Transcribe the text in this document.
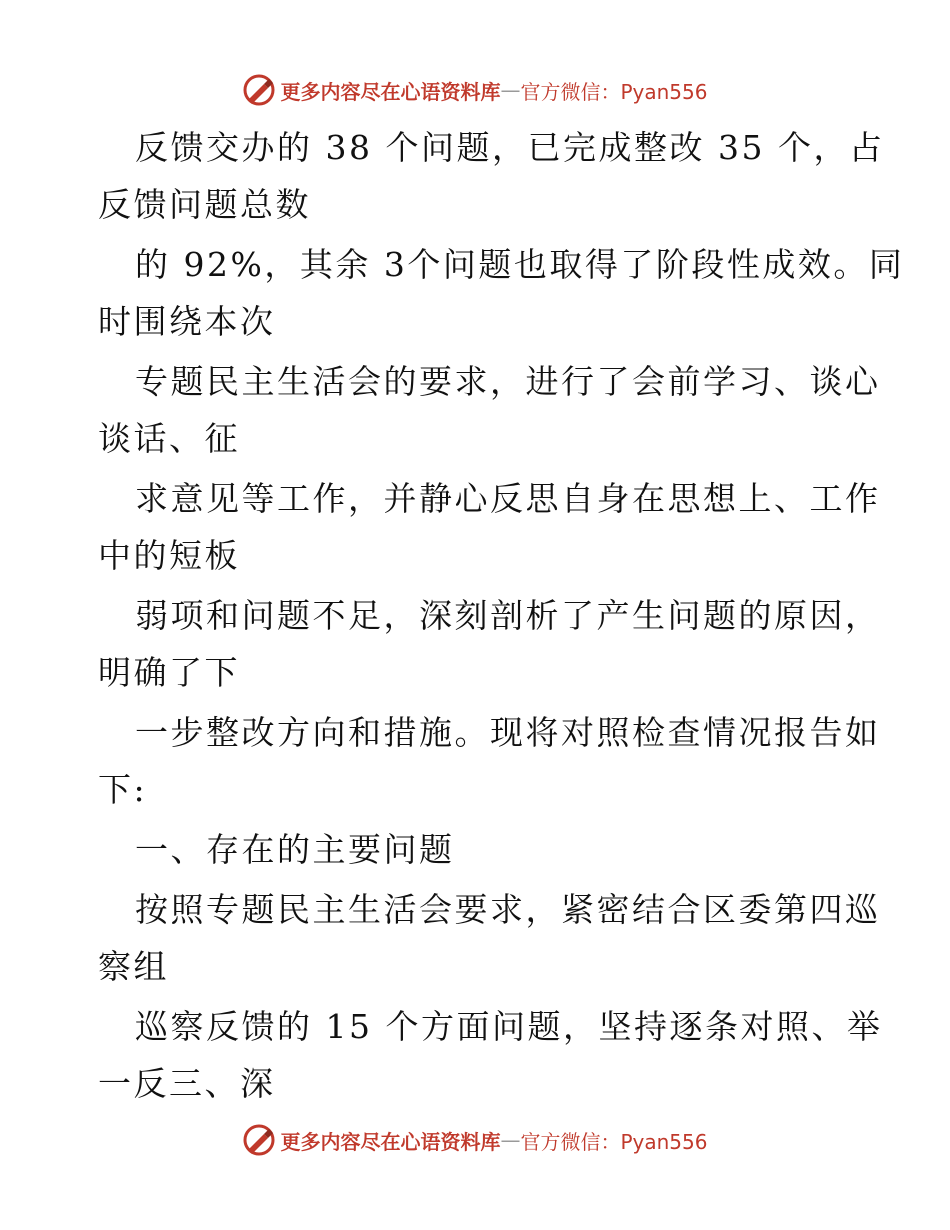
更多内容尽在心语资料库 — 官方微信：Pyan556
反馈交办的 38 个问题，已完成整改 35 个，占
反馈问题总数
的 92%，其余 3个问题也取得了阶段性成效。同
时围绕本次
专题民主生活会的要求，进行了会前学习、谈心
谈话、征
求意见等工作，并静心反思自身在思想上、工作
中的短板
弱项和问题不足，深刻剖析了产生问题的原因，
明确了下
一步整改方向和措施。现将对照检查情况报告如
下:
一、存在的主要问题
按照专题民主生活会要求，紧密结合区委第四巡
察组
巡察反馈的 15 个方面问题，坚持逐条对照、举
一反三、深
更多内容尽在心语资料库 — 官方微信：Pyan556
